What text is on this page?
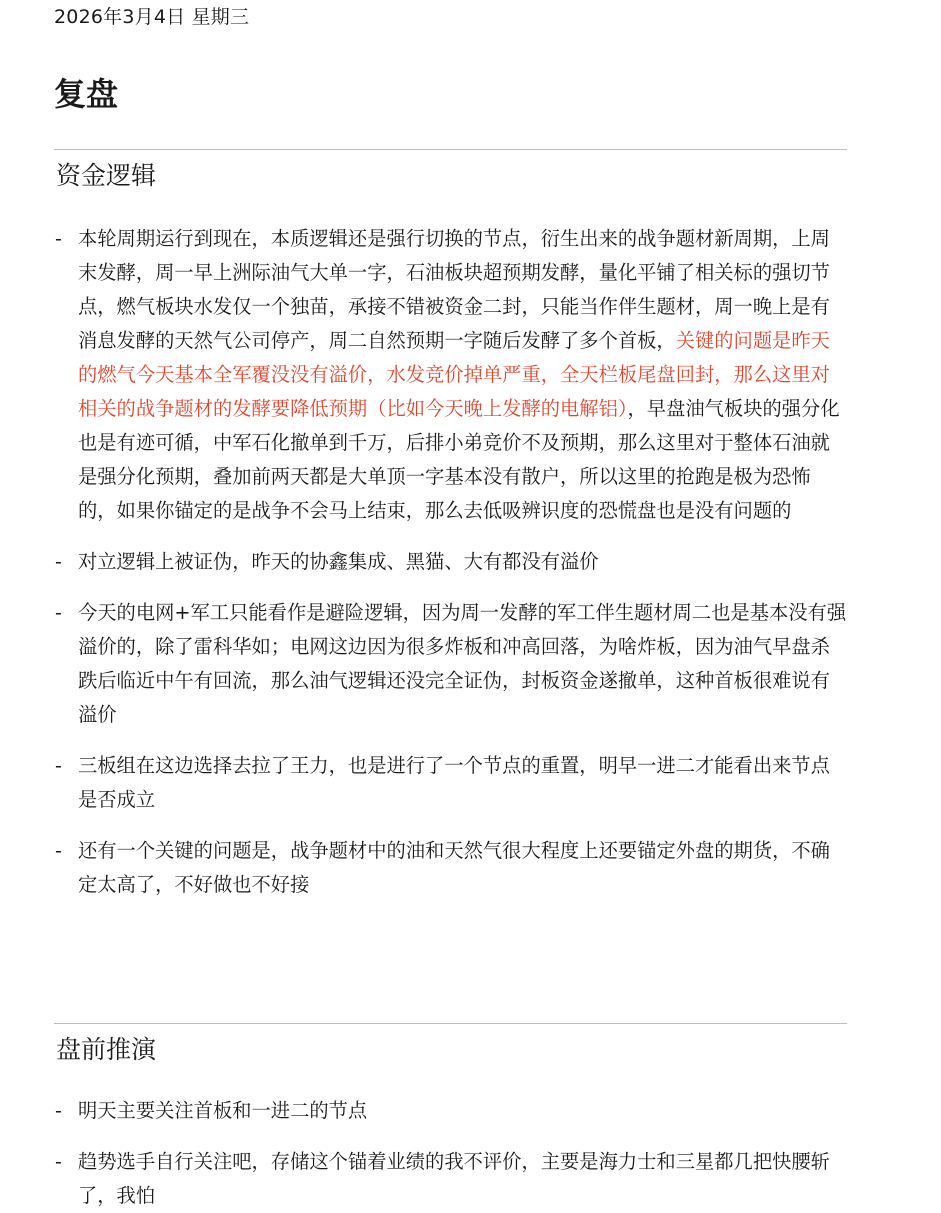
2026年3月4日 星期三
复盘
资金逻辑
- 本轮周期运行到现在，本质逻辑还是强行切换的节点，衍生出来的战争题材新周期，上周末发酵，周一早上洲际油气大单一字，石油板块超预期发酵，量化平铺了相关标的强切节点，燃气板块水发仅一个独苗，承接不错被资金二封，只能当作伴生题材，周一晚上是有消息发酵的天然气公司停产，周二自然预期一字随后发酵了多个首板，关键的问题是昨天的燃气今天基本全军覆没没有溢价，水发竞价掉单严重，全天栏板尾盘回封，那么这里对相关的战争题材的发酵要降低预期（比如今天晚上发酵的电解铝），早盘油气板块的强分化也是有迹可循，中军石化撤单到千万，后排小弟竞价不及预期，那么这里对于整体石油就是强分化预期，叠加前两天都是大单顶一字基本没有散户，所以这里的抢跑是极为恐怖的，如果你锚定的是战争不会马上结束，那么去低吸辨识度的恐慌盘也是没有问题的
- 对立逻辑上被证伪，昨天的协鑫集成、黑猫、大有都没有溢价
- 今天的电网+军工只能看作是避险逻辑，因为周一发酵的军工伴生题材周二也是基本没有强溢价的，除了雷科华如；电网这边因为很多炸板和冲高回落，为啥炸板，因为油气早盘杀跌后临近中午有回流，那么油气逻辑还没完全证伪，封板资金遂撤单，这种首板很难说有溢价
- 三板组在这边选择去拉了王力，也是进行了一个节点的重置，明早一进二才能看出来节点是否成立
- 还有一个关键的问题是，战争题材中的油和天然气很大程度上还要锚定外盘的期货，不确定太高了，不好做也不好接
盘前推演
- 明天主要关注首板和一进二的节点
- 趋势选手自行关注吧，存储这个锚着业绩的我不评价，主要是海力士和三星都几把快腰斩了，我怕
